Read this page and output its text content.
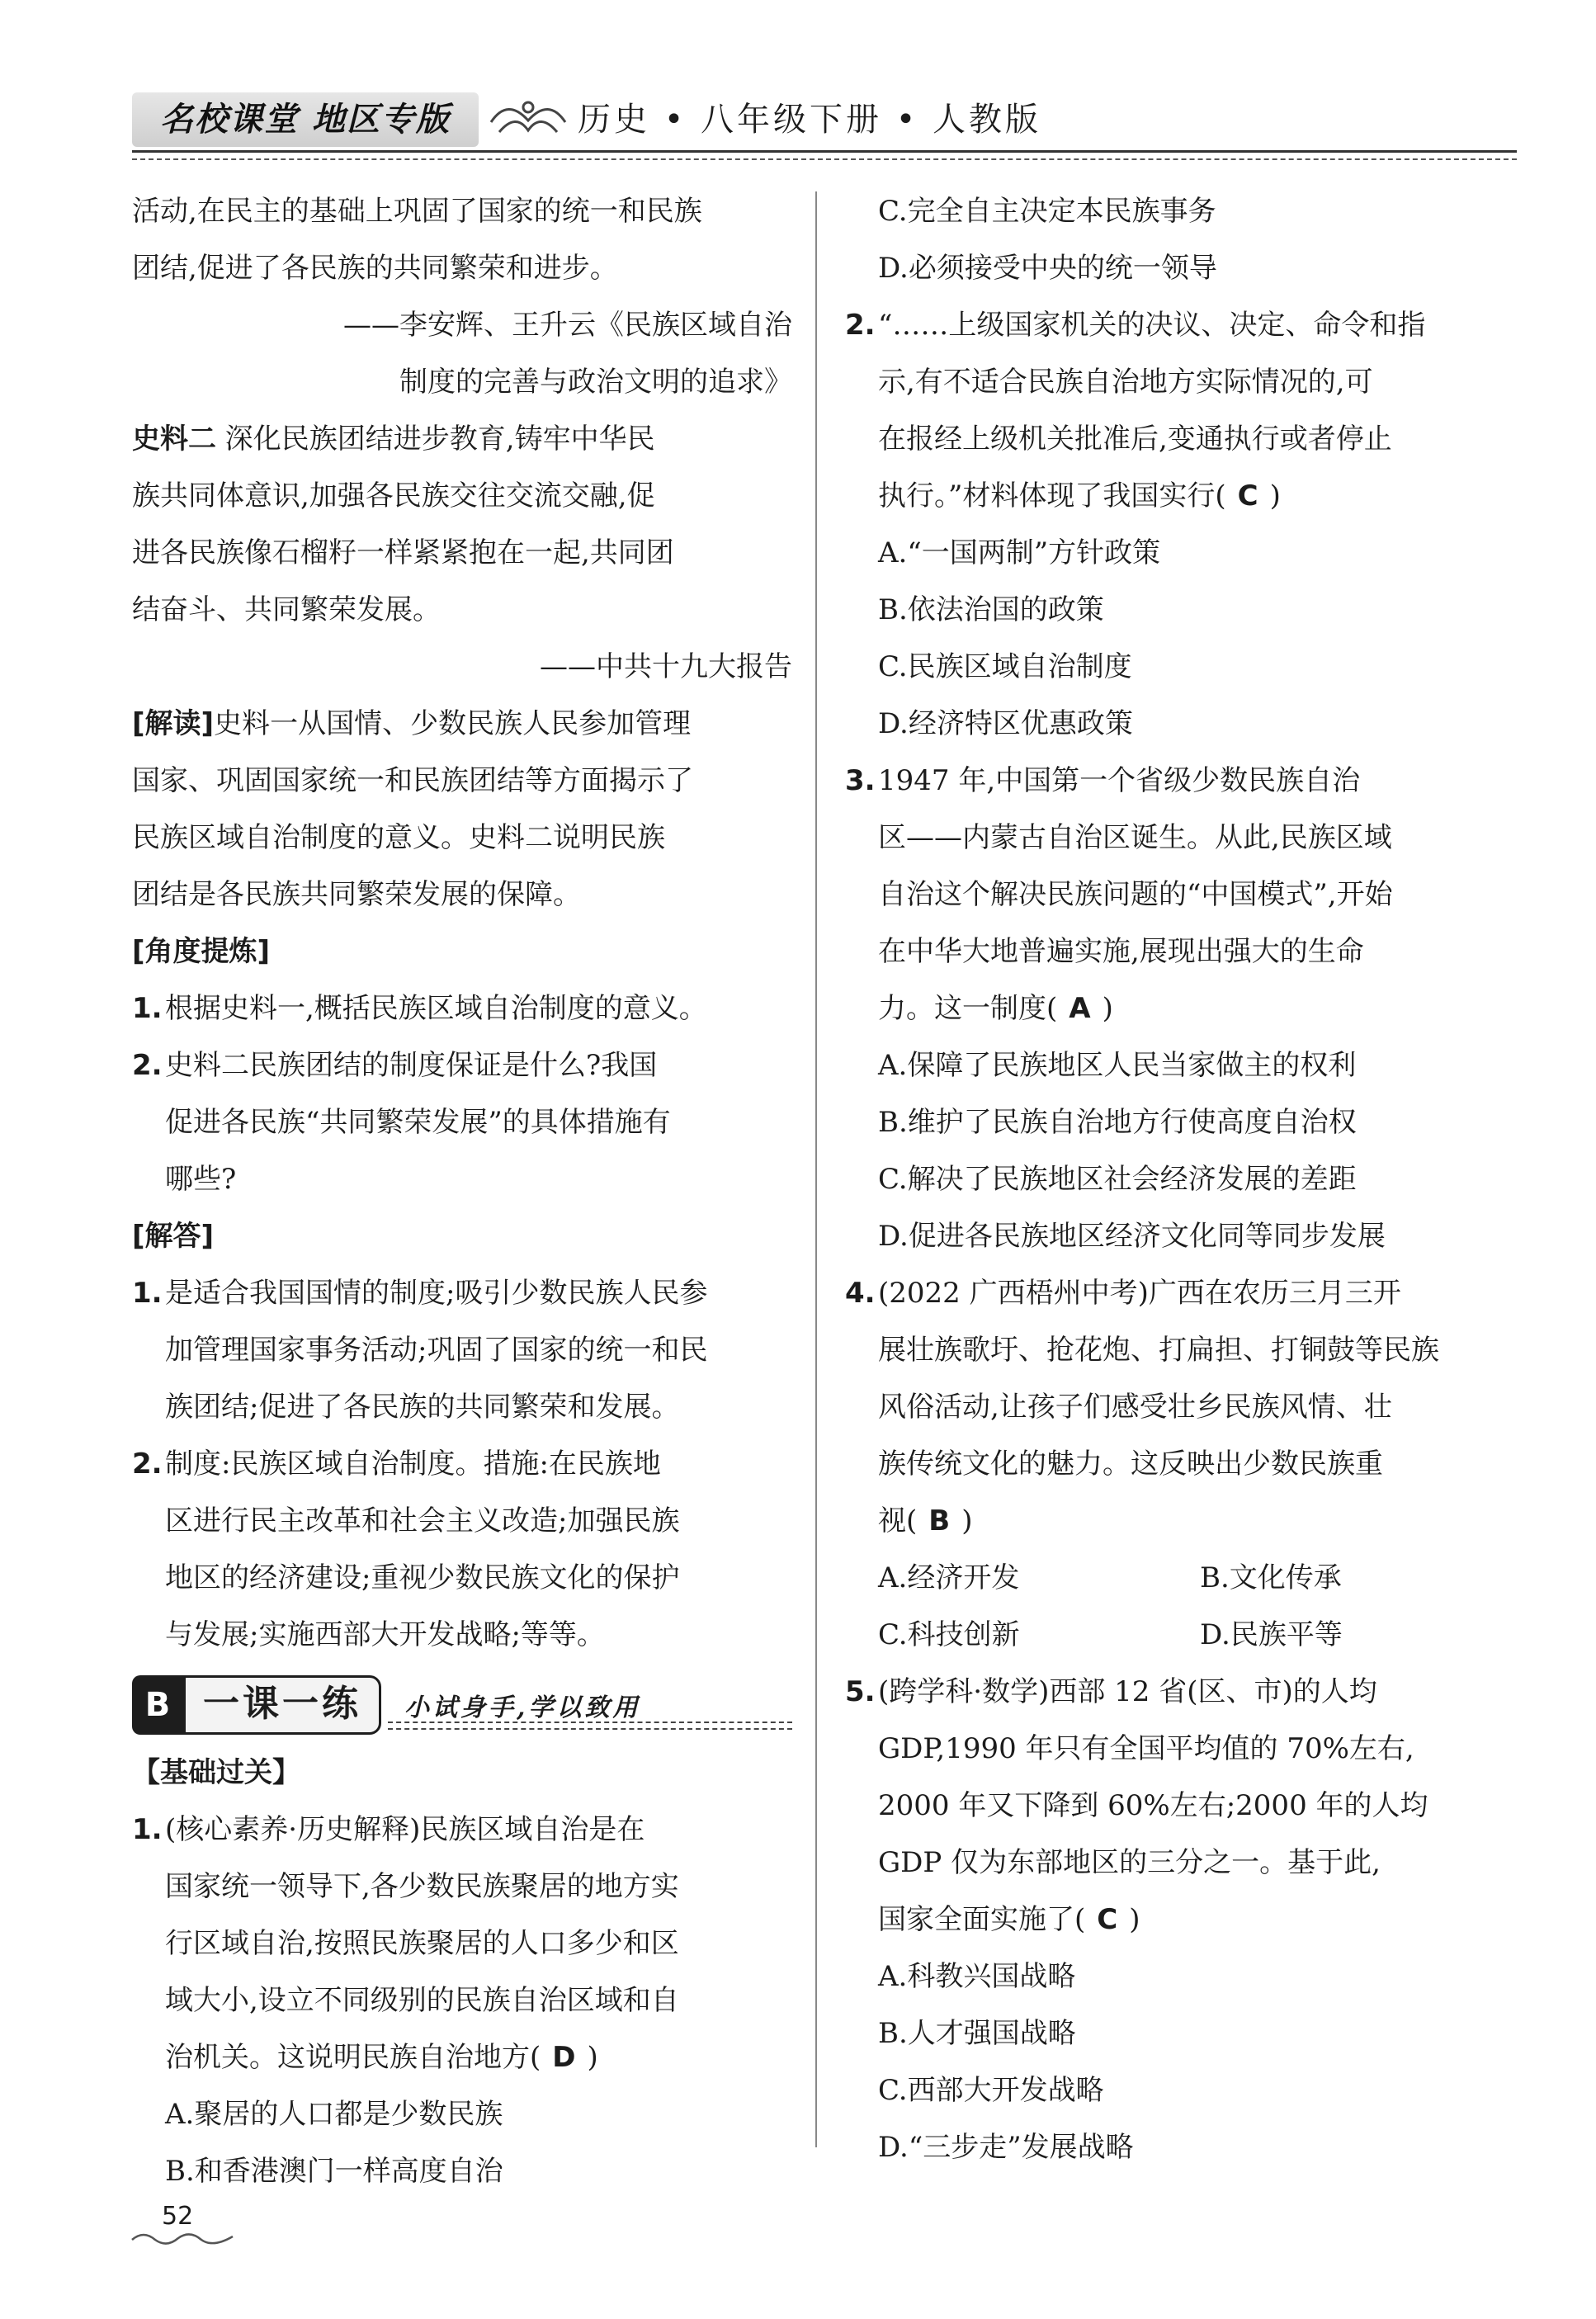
名校课堂 地区专版	历史 • 八年级下册 • 人教版

活动,在民主的基础上巩固了国家的统一和民族

团结,促进了各民族的共同繁荣和进步。

——李安辉、王升云《民族区域自治

制度的完善与政治文明的追求》

史料二 深化民族团结进步教育,铸牢中华民

族共同体意识,加强各民族交往交流交融,促

进各民族像石榴籽一样紧紧抱在一起,共同团

结奋斗、共同繁荣发展。

——中共十九大报告

[解读]史料一从国情、少数民族人民参加管理

国家、巩固国家统一和民族团结等方面揭示了

民族区域自治制度的意义。史料二说明民族

团结是各民族共同繁荣发展的保障。

[角度提炼]

1. 根据史料一,概括民族区域自治制度的意义。

2. 史料二民族团结的制度保证是什么?我国

促进各民族“共同繁荣发展”的具体措施有

哪些?

[解答]

1. 是适合我国国情的制度;吸引少数民族人民参

加管理国家事务活动;巩固了国家的统一和民

族团结;促进了各民族的共同繁荣和发展。

2. 制度:民族区域自治制度。措施:在民族地

区进行民主改革和社会主义改造;加强民族

地区的经济建设;重视少数民族文化的保护

与发展;实施西部大开发战略;等等。

B 一课一练	小试身手,学以致用

【基础过关】

1. (核心素养·历史解释)民族区域自治是在

国家统一领导下,各少数民族聚居的地方实

行区域自治,按照民族聚居的人口多少和区

域大小,设立不同级别的民族自治区域和自

治机关。这说明民族自治地方( D )

A.聚居的人口都是少数民族

B.和香港澳门一样高度自治

C.完全自主决定本民族事务

D.必须接受中央的统一领导

2. “……上级国家机关的决议、决定、命令和指

示,有不适合民族自治地方实际情况的,可

在报经上级机关批准后,变通执行或者停止

执行。”材料体现了我国实行( C )

A.“一国两制”方针政策

B.依法治国的政策

C.民族区域自治制度

D.经济特区优惠政策

3. 1947 年,中国第一个省级少数民族自治

区——内蒙古自治区诞生。从此,民族区域

自治这个解决民族问题的“中国模式”,开始

在中华大地普遍实施,展现出强大的生命

力。这一制度( A )

A.保障了民族地区人民当家做主的权利

B.维护了民族自治地方行使高度自治权

C.解决了民族地区社会经济发展的差距

D.促进各民族地区经济文化同等同步发展

4. (2022 广西梧州中考)广西在农历三月三开

展壮族歌圩、抢花炮、打扁担、打铜鼓等民族

风俗活动,让孩子们感受壮乡民族风情、壮

族传统文化的魅力。这反映出少数民族重

视( B )

A.经济开发	B.文化传承

C.科技创新	D.民族平等

5. (跨学科·数学)西部 12 省(区、市)的人均

GDP,1990 年只有全国平均值的 70%左右,

2000 年又下降到 60%左右;2000 年的人均

GDP 仅为东部地区的三分之一。基于此,

国家全面实施了( C )

A.科教兴国战略

B.人才强国战略

C.西部大开发战略

D.“三步走”发展战略

52
